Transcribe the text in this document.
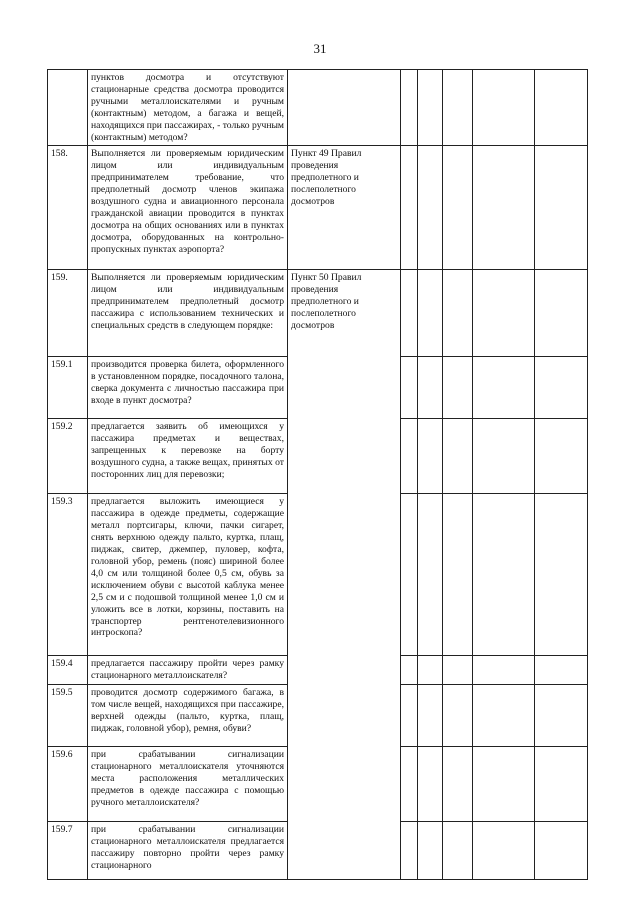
31
	пунктов досмотра и отсутствуют стационарные средства досмотра проводится ручными металлоискателями и ручным (контактным) методом, а багажа и вещей, находящихся при пассажирах, - только ручным (контактным) методом?						
158.	Выполняется ли проверяемым юридическим лицом или индивидуальным предпринимателем требование, что предполетный досмотр членов экипажа воздушного судна и авиационного персонала гражданской авиации проводится в пунктах досмотра на общих основаниях или в пунктах досмотра, оборудованных на контрольно-пропускных пунктах аэропорта?	Пункт 49 Правил проведения предполетного и послеполетного досмотров					
159.	Выполняется ли проверяемым юридическим лицом или индивидуальным предпринимателем предполетный досмотр пассажира с использованием технических и специальных средств в следующем порядке:	Пункт 50 Правил проведения предполетного и послеполетного досмотров					
159.1	производится проверка билета, оформленного в установленном порядке, посадочного талона, сверка документа с личностью пассажира при входе в пункт досмотра?						
159.2	предлагается заявить об имеющихся у пассажира предметах и веществах, запрещенных к перевозке на борту воздушного судна, а также вещах, принятых от посторонних лиц для перевозки;						
159.3	предлагается выложить имеющиеся у пассажира в одежде предметы, содержащие металл портсигары, ключи, пачки сигарет, снять верхнюю одежду пальто, куртка, плащ, пиджак, свитер, джемпер, пуловер, кофта, головной убор, ремень (пояс) шириной более 4,0 см или толщиной более 0,5 см, обувь за исключением обуви с высотой каблука менее 2,5 см и с подошвой толщиной менее 1,0 см и уложить все в лотки, корзины, поставить на транспортер рентгенотелевизионного интроскопа?						
159.4	предлагается пассажиру пройти через рамку стационарного металлоискателя?						
159.5	проводится досмотр содержимого багажа, в том числе вещей, находящихся при пассажире, верхней одежды (пальто, куртка, плащ, пиджак, головной убор), ремня, обуви?						
159.6	при срабатывании сигнализации стационарного металлоискателя уточняются места расположения металлических предметов в одежде пассажира с помощью ручного металлоискателя?						
159.7	при срабатывании сигнализации стационарного металлоискателя предлагается пассажиру повторно пройти через рамку стационарного						
